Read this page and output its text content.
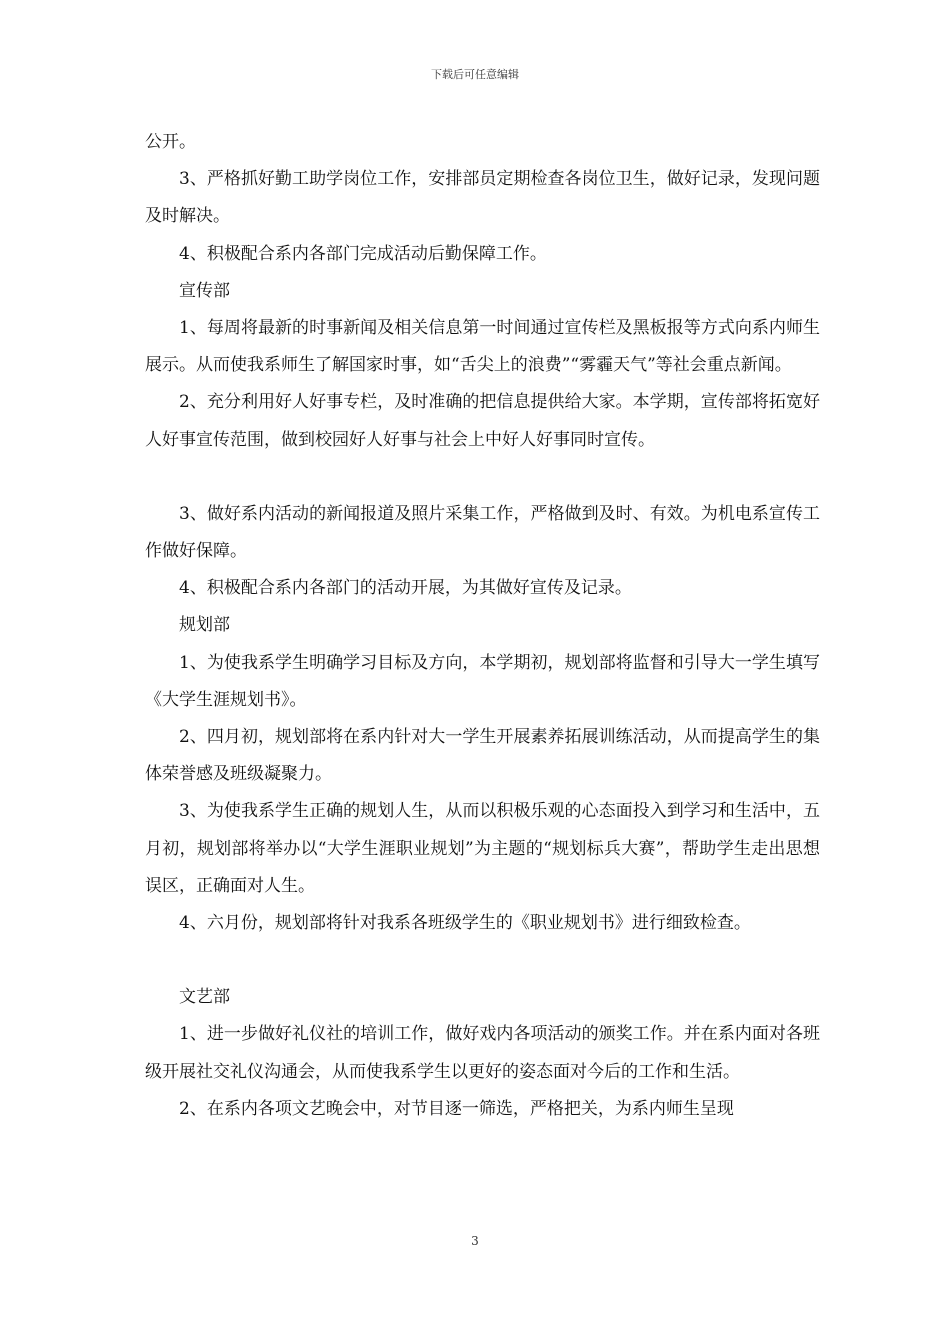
下载后可任意编辑

公开。

3、严格抓好勤工助学岗位工作，安排部员定期检查各岗位卫生，做好记录，发现问题及时解决。

4、积极配合系内各部门完成活动后勤保障工作。

宣传部

1、每周将最新的时事新闻及相关信息第一时间通过宣传栏及黑板报等方式向系内师生展示。从而使我系师生了解国家时事，如“舌尖上的浪费”“雾霾天气”等社会重点新闻。

2、充分利用好人好事专栏，及时准确的把信息提供给大家。本学期，宣传部将拓宽好人好事宣传范围，做到校园好人好事与社会上中好人好事同时宣传。

3、做好系内活动的新闻报道及照片采集工作，严格做到及时、有效。为机电系宣传工作做好保障。

4、积极配合系内各部门的活动开展，为其做好宣传及记录。

规划部

1、为使我系学生明确学习目标及方向，本学期初，规划部将监督和引导大一学生填写《大学生涯规划书》。

2、四月初，规划部将在系内针对大一学生开展素养拓展训练活动，从而提高学生的集体荣誉感及班级凝聚力。

3、为使我系学生正确的规划人生，从而以积极乐观的心态面投入到学习和生活中，五月初，规划部将举办以“大学生涯职业规划”为主题的“规划标兵大赛”，帮助学生走出思想误区，正确面对人生。

4、六月份，规划部将针对我系各班级学生的《职业规划书》进行细致检查。

文艺部

1、进一步做好礼仪社的培训工作，做好戏内各项活动的颁奖工作。并在系内面对各班级开展社交礼仪沟通会，从而使我系学生以更好的姿态面对今后的工作和生活。

2、在系内各项文艺晚会中，对节目逐一筛选，严格把关，为系内师生呈现

3
